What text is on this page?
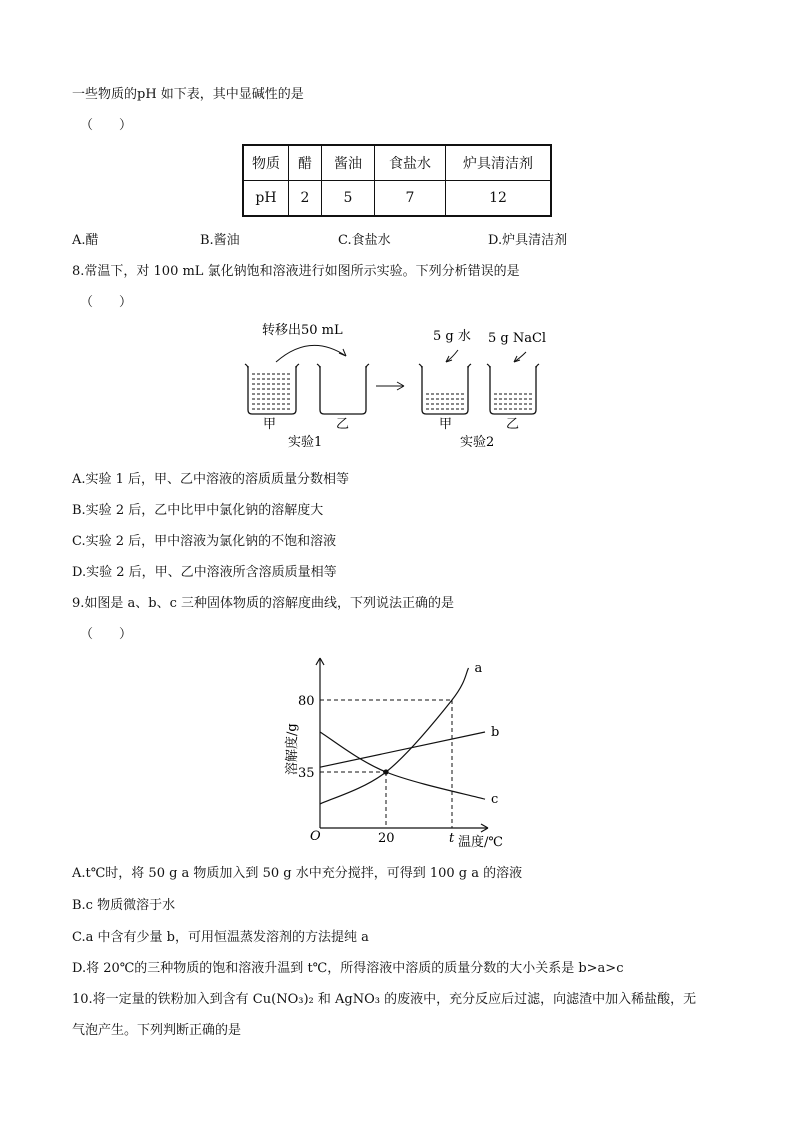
一些物质的pH 如下表，其中显碱性的是
（　　）
物质	醋	酱油	食盐水	炉具清洁剂
pH	2	5	7	12
A.醋	B.酱油	C.食盐水	D.炉具清洁剂
8.常温下，对 100 mL 氯化钠饱和溶液进行如图所示实验。下列分析错误的是
（　　）
转移出50 mL
甲	乙
实验1
5 g 水 5 g NaCl
甲	乙
实验2
A.实验 1 后，甲、乙中溶液的溶质质量分数相等
B.实验 2 后，乙中比甲中氯化钠的溶解度大
C.实验 2 后，甲中溶液为氯化钠的不饱和溶液
D.实验 2 后，甲、乙中溶液所含溶质质量相等
9.如图是 a、b、c 三种固体物质的溶解度曲线，下列说法正确的是
（　　）
a
b
c
35
80
20	t
O	温度/℃
溶解度/g
A.t℃时，将 50 g a 物质加入到 50 g 水中充分搅拌，可得到 100 g a 的溶液
B.c 物质微溶于水
C.a 中含有少量 b，可用恒温蒸发溶剂的方法提纯 a
D.将 20℃的三种物质的饱和溶液升温到 t℃，所得溶液中溶质的质量分数的大小关系是 b>a>c
10.将一定量的铁粉加入到含有 Cu(NO₃)₂ 和 AgNO₃ 的废液中，充分反应后过滤，向滤渣中加入稀盐酸，无
气泡产生。下列判断正确的是
